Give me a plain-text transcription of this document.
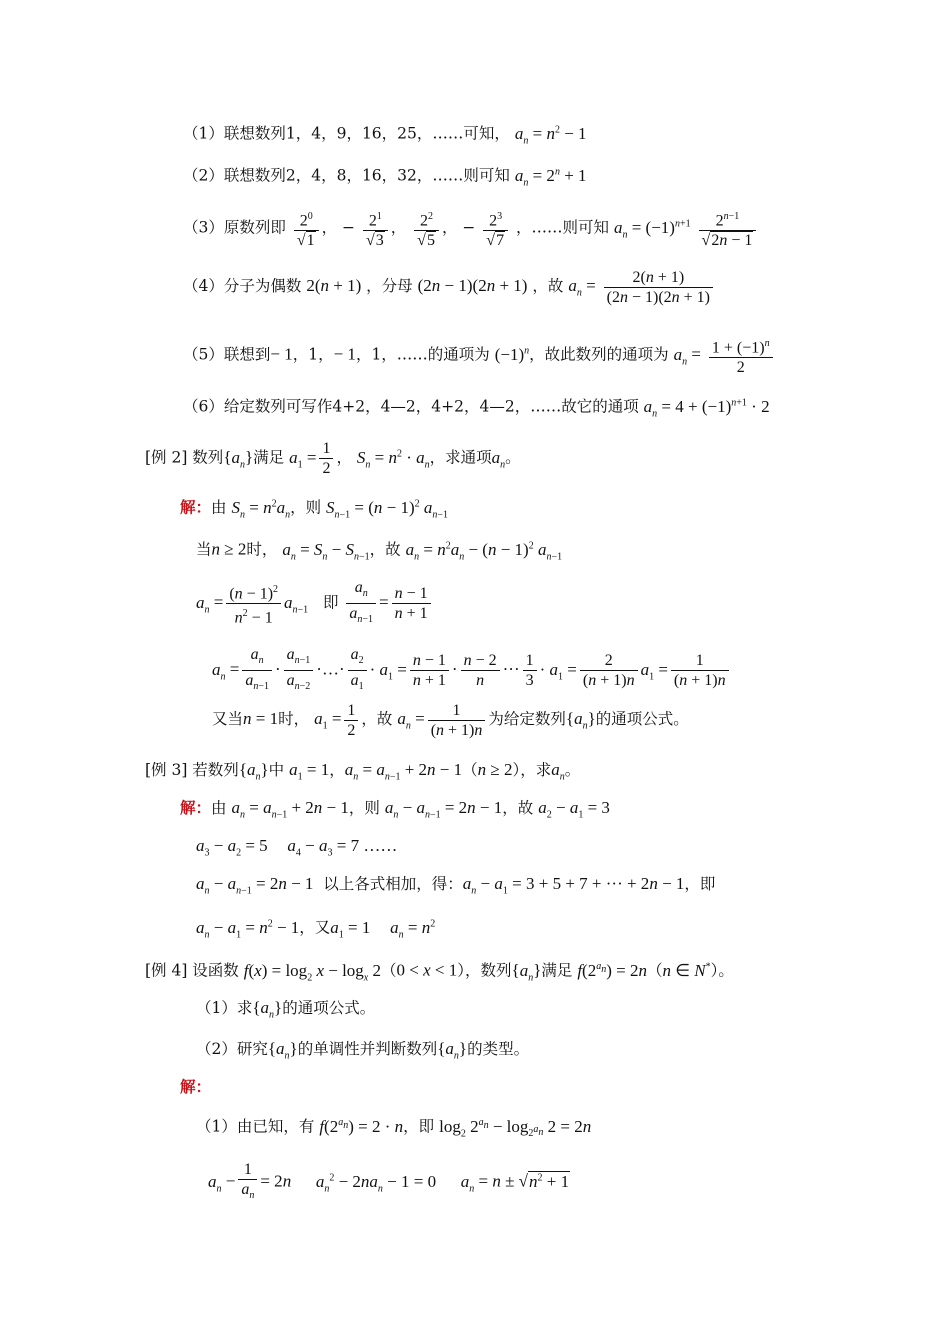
（1）联想数列1，4，9，16，25，……可知， $a_n = n^2 - 1$
（2）联想数列2，4，8，16，32，……则可知 $a_n = 2^n + 1$
（3）原数列即 $\frac{2^0}{√1}$ ， − $\frac{2^1}{√3}$ ， $\frac{2^2}{√5}$ ， − $\frac{2^3}{√7}$ ，……则可知 $a_n = (-1)^{n+1} \frac{2^{n-1}}{√2n - 1}$
（4）分子为偶数 2(n + 1) ，分母 (2n − 1)(2n + 1) ，故 $a_n = \frac{2(n + 1)}{(2n - 1)(2n + 1)}$
（5）联想到− 1，1，− 1，1，……的通项为 $(-1)^n$，故此数列的通项为 $a_n = \frac{1 + (-1)^n}{2}$
（6）给定数列可写作4+2，4—2，4+2，4—2，……故它的通项 $a_n = 4 + (-1)^{n+1} \cdot 2$
[例 2] 数列$\{a_n\}$满足 $a_1 = \frac{1}{2}$ ， $S_n = n^2 \cdot a_n$，求通项$a_n$。
解：由 $S_n = n^2a_n$，则 $S_{n-1} = (n - 1)^2$ $a_{n-1}$
当n ≥ 2时， $a_n = S_n - S_{n-1}$，故 $a_n = n^2a_n - (n - 1)^2$ $a_{n-1}$
$a_n = \frac{(n - 1)^2}{n^2 - 1} a_{n-1}$ 即 $\frac{a_n}{a_{n-1}} = \frac{n - 1}{n + 1}$
$a_n = \frac{a_n}{a_{n-1}} \cdot \frac{a_{n-1}}{a_{n-2}}$ ·…· $\frac{a_2}{a_1} \cdot a_1 = \frac{n - 1}{n + 1} \cdot \frac{n - 2}{n}$ ··· $\frac{1}{3} \cdot a_1 = \frac{2}{(n + 1)n} a_1 = \frac{1}{(n + 1)n}$
又当n = 1时， $a_1 = \frac{1}{2}$ ，故 $a_n = \frac{1}{(n + 1)n}$ 为给定数列$\{a_n\}$的通项公式。
[例 3] 若数列$\{a_n\}$中 $a_1 = 1$，$a_n = a_{n-1} + 2n - 1(n \ge 2)$，求$a_n$。
解：由 $a_n = a_{n-1} + 2n - 1$，则 $a_n - a_{n-1} = 2n - 1$，故 $a_2 - a_1 = 3$
$a_3 - a_2 = 5$ $a_4 - a_3 = 7$ ……
$a_n - a_{n-1} = 2n - 1$ 以上各式相加，得：$a_n - a_1 = 3 + 5 + 7$ + ··· + 2n − 1，即
$a_n - a_1 = n^2 - 1$，又$a_1 = 1$ $a_n = n^2$
[例 4] 设函数 $f(x) = \log_2 x - \log_x 2(0 < x < 1)$，数列$\{a_n\}$满足 $f(2^{a_n}) = 2n(n$ ∈ N*）。
（1）求$\{a_n\}$的通项公式。
（2）研究$\{a_n\}$的单调性并判断数列$\{a_n\}$的类型。
解：
（1）由已知，有 $f(2^{a_n}) = 2 \cdot n$，即 $\log_2 2^{a_n} - \log_{2^{a_n}} 2 = 2n$
$a_n - \frac{1}{a_n} = 2n$ $a_n^2 - 2na_n - 1 = 0$ $a_n = n \pm √n^2 + 1$
